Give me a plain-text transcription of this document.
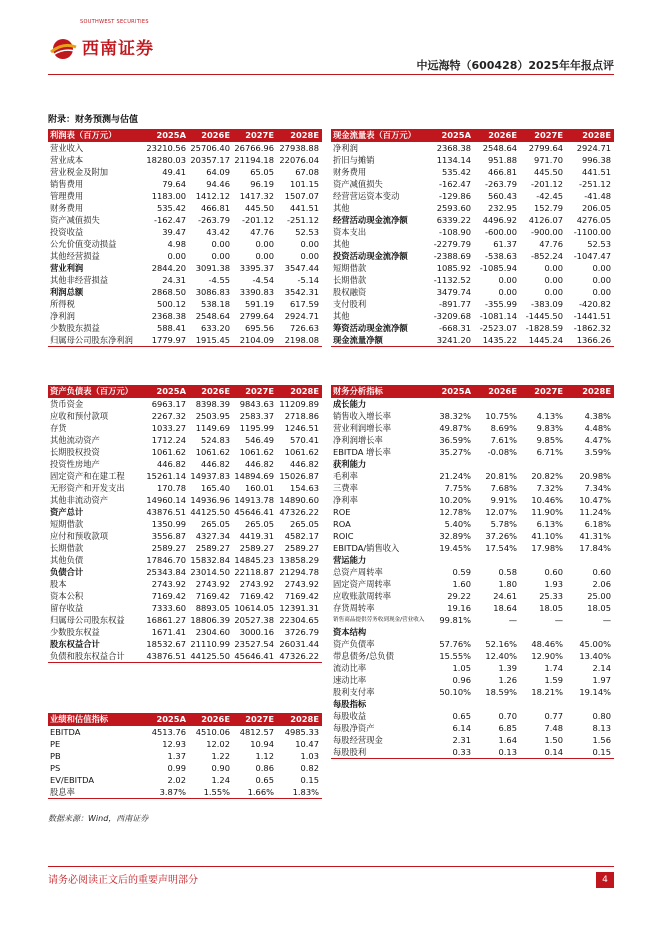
西南证券
SOUTHWEST SECURITIES
中远海特（600428）2025年年报点评
附录：财务预测与估值
利润表（百万元）	2025A	2026E	2027E	2028E
营业收入	23210.56 25706.40 26766.96 27938.88
营业成本	18280.03 20357.17 21194.18 22076.04
营业税金及附加	49.41	64.09	65.05	67.08
销售费用	79.64	94.46	96.19	101.15
管理费用	1183.00	1412.12	1417.32	1507.07
财务费用	535.42	466.81	445.50	441.51
资产减值损失	-162.47	-263.79	-201.12	-251.12
投资收益	39.47	43.42	47.76	52.53
公允价值变动损益	4.98	0.00	0.00	0.00
其他经营损益	0.00	0.00	0.00	0.00
营业利润	2844.20	3091.38	3395.37	3547.44
其他非经营损益	24.31	-4.55	-4.54	-5.14
利润总额	2868.50	3086.83	3390.83	3542.31
所得税	500.12	538.18	591.19	617.59
净利润	2368.38	2548.64	2799.64	2924.71
少数股东损益	588.41	633.20	695.56	726.63
归属母公司股东净利润	1779.97	1915.45	2104.09	2198.08
现金流量表（百万元）	2025A	2026E	2027E	2028E
净利润	2368.38	2548.64	2799.64	2924.71
折旧与摊销	1134.14	951.88	971.70	996.38
财务费用	535.42	466.81	445.50	441.51
资产减值损失	-162.47	-263.79	-201.12	-251.12
经营营运资本变动	-129.86	560.43	-42.45	-41.48
其他	2593.60	232.95	152.79	206.05
经营活动现金流净额	6339.22	4496.92	4126.07	4276.05
资本支出	-108.90	-600.00	-900.00	-1100.00
其他	-2279.79	61.37	47.76	52.53
投资活动现金流净额	-2388.69	-538.63	-852.24	-1047.47
短期借款	1085.92	-1085.94	0.00	0.00
长期借款	-1132.52	0.00	0.00	0.00
股权融资	3479.74	0.00	0.00	0.00
支付股利	-891.77	-355.99	-383.09	-420.82
其他	-3209.68	-1081.14	-1445.50	-1441.51
筹资活动现金流净额	-668.31	-2523.07	-1828.59	-1862.32
现金流量净额	3241.20	1435.22	1445.24	1366.26
资产负债表（百万元）	2025A	2026E	2027E	2028E
货币资金	6963.17	8398.39	9843.63 11209.89
应收和预付款项	2267.32	2503.95	2583.37	2718.86
存货	1033.27	1149.69	1195.99	1246.51
其他流动资产	1712.24	524.83	546.49	570.41
长期股权投资	1061.62	1061.62	1061.62	1061.62
投资性房地产	446.82	446.82	446.82	446.82
固定资产和在建工程	15261.14 14937.83 14894.69 15026.87
无形资产和开发支出	170.78	165.40	160.01	154.63
其他非流动资产	14960.14 14936.96 14913.78 14890.60
资产总计	43876.51 44125.50 45646.41 47326.22
短期借款	1350.99	265.05	265.05	265.05
应付和预收款项	3556.87	4327.34	4419.31	4582.17
长期借款	2589.27	2589.27	2589.27	2589.27
其他负债	17846.70 15832.84 14845.23 13858.29
负债合计	25343.84 23014.50 22118.87 21294.78
股本	2743.92	2743.92	2743.92	2743.92
资本公积	7169.42	7169.42	7169.42	7169.42
留存收益	7333.60	8893.05 10614.05 12391.31
归属母公司股东权益	16861.27 18806.39 20527.38 22304.65
少数股东权益	1671.41	2304.60	3000.16	3726.79
股东权益合计	18532.67 21110.99 23527.54 26031.44
负债和股东权益合计	43876.51 44125.50 45646.41 47326.22
财务分析指标	2025A	2026E	2027E	2028E
成长能力
销售收入增长率	38.32%	10.75%	4.13%	4.38%
营业利润增长率	49.87%	8.69%	9.83%	4.48%
净利润增长率	36.59%	7.61%	9.85%	4.47%
EBITDA 增长率	35.27%	-0.08%	6.71%	3.59%
获利能力
毛利率	21.24%	20.81%	20.82%	20.98%
三费率	7.75%	7.68%	7.32%	7.34%
净利率	10.20%	9.91%	10.46%	10.47%
ROE	12.78%	12.07%	11.90%	11.24%
ROA	5.40%	5.78%	6.13%	6.18%
ROIC	32.89%	37.26%	41.10%	41.31%
EBITDA/销售收入	19.45%	17.54%	17.98%	17.84%
营运能力
总资产周转率	0.59	0.58	0.60	0.60
固定资产周转率	1.60	1.80	1.93	2.06
应收账款周转率	29.22	24.61	25.33	25.00
存货周转率	19.16	18.64	18.05	18.05
销售商品提供劳务收到现金/营业收入	99.81%	—	—	—
资本结构
资产负债率	57.76%	52.16%	48.46%	45.00%
带息债务/总负债	15.55%	12.40%	12.90%	13.40%
流动比率	1.05	1.39	1.74	2.14
速动比率	0.96	1.26	1.59	1.97
股利支付率	50.10%	18.59%	18.21%	19.14%
每股指标
每股收益	0.65	0.70	0.77	0.80
每股净资产	6.14	6.85	7.48	8.13
每股经营现金	2.31	1.64	1.50	1.56
每股股利	0.33	0.13	0.14	0.15
业绩和估值指标	2025A	2026E	2027E	2028E
EBITDA	4513.76	4510.06	4812.57	4985.33
PE	12.93	12.02	10.94	10.47
PB	1.37	1.22	1.12	1.03
PS	0.99	0.90	0.86	0.82
EV/EBITDA	2.02	1.24	0.65	0.15
股息率	3.87%	1.55%	1.66%	1.83%
数据来源：Wind，西南证券
请务必阅读正文后的重要声明部分	4
